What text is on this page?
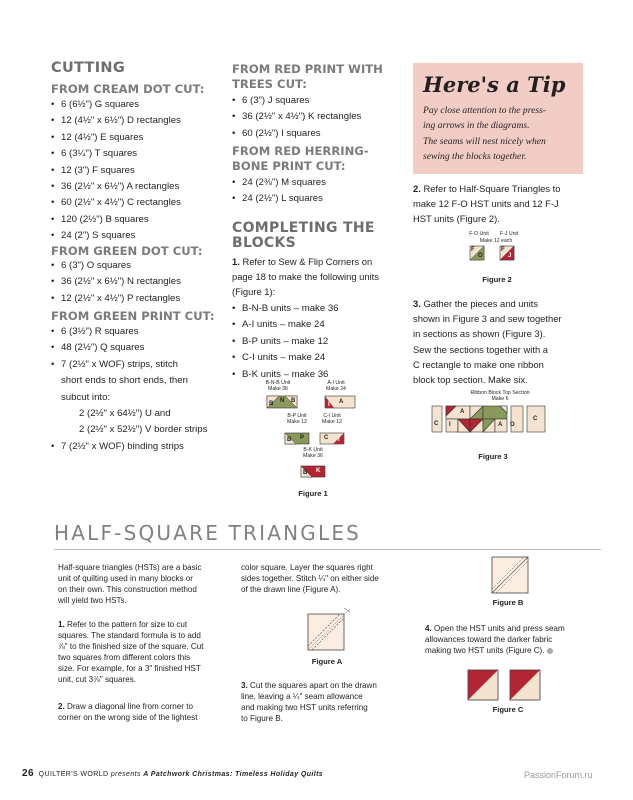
CUTTING
FROM CREAM DOT CUT:
• 6 (6½") G squares
• 12 (4½" x 6½") D rectangles
• 12 (4½") E squares
• 6 (3¼") T squares
• 12 (3") F squares
• 36 (2½" x 6½") A rectangles
• 60 (2½" x 4½") C rectangles
• 120 (2½") B squares
• 24 (2") S squares
FROM GREEN DOT CUT:
• 6 (3") O squares
• 36 (2½" x 6½") N rectangles
• 12 (2½" x 4½") P rectangles
FROM GREEN PRINT CUT:
• 6 (3½") R squares
• 48 (2½") Q squares
• 7 (2½" x WOF) strips, stitch
short ends to short ends, then
subcut into:
2 (2½" x 64½") U and
2 (2½" x 52½") V border strips
• 7 (2½" x WOF) binding strips
FROM RED PRINT WITH
TREES CUT:
• 6 (3") J squares
• 36 (2½" x 4½") K rectangles
• 60 (2½") I squares
FROM RED HERRING-
BONE PRINT CUT:
• 24 (2⅜") M squares
• 24 (2½") L squares
COMPLETING THE
BLOCKS
1. Refer to Sew & Flip Corners on
page 18 to make the following units
(Figure 1):
• B-N-B units – make 36
• A-I units – make 24
• B-P units – make 12
• C-I units – make 24
• B-K units – make 36
B-N-B Unit
Make 36
A-I Unit
Make 24
B N B	A
I
B-P Unit
Make 12
C-I Unit
Make 12
B P	C I
B-K Unit
Make 36
B K
Figure 1
Here's a Tip
Pay close attention to the press-
ing arrows in the diagrams.
The seams will nest nicely when
sewing the blocks together.
2. Refer to Half-Square Triangles to
make 12 F-O HST units and 12 F-J
HST units (Figure 2).
F-O Unit	F-J Unit
Make 12 each
F
O
F
J
Figure 2
3. Gather the pieces and units
shown in Figure 3 and sew together
in sections as shown (Figure 3).
Sew the sections together with a
C rectangle to make one ribbon
block top section. Make six.
Ribbon Block Top Section
Make 6
C
A
I	A O
C
Figure 3
HALF-SQUARE TRIANGLES
Half-square triangles (HSTs) are a basic
unit of quilting used in many blocks or
on their own. This construction method
will yield two HSTs.
1. Refer to the pattern for size to cut
squares. The standard formula is to add
⅞" to the finished size of the square. Cut
two squares from different colors this
size. For example, for a 3" finished HST
unit, cut 3⅞" squares.
2. Draw a diagonal line from corner to
corner on the wrong side of the lightest
color square. Layer the squares right
sides together. Stitch ¼" on either side
of the drawn line (Figure A).
Figure A
3. Cut the squares apart on the drawn
line, leaving a ¼" seam allowance
and making two HST units referring
to Figure B.
Figure B
4. Open the HST units and press seam
allowances toward the darker fabric
making two HST units (Figure C).
Figure C
26 QUILTER'S WORLD presents A Patchwork Christmas: Timeless Holiday Quilts	PassionForum.ru
